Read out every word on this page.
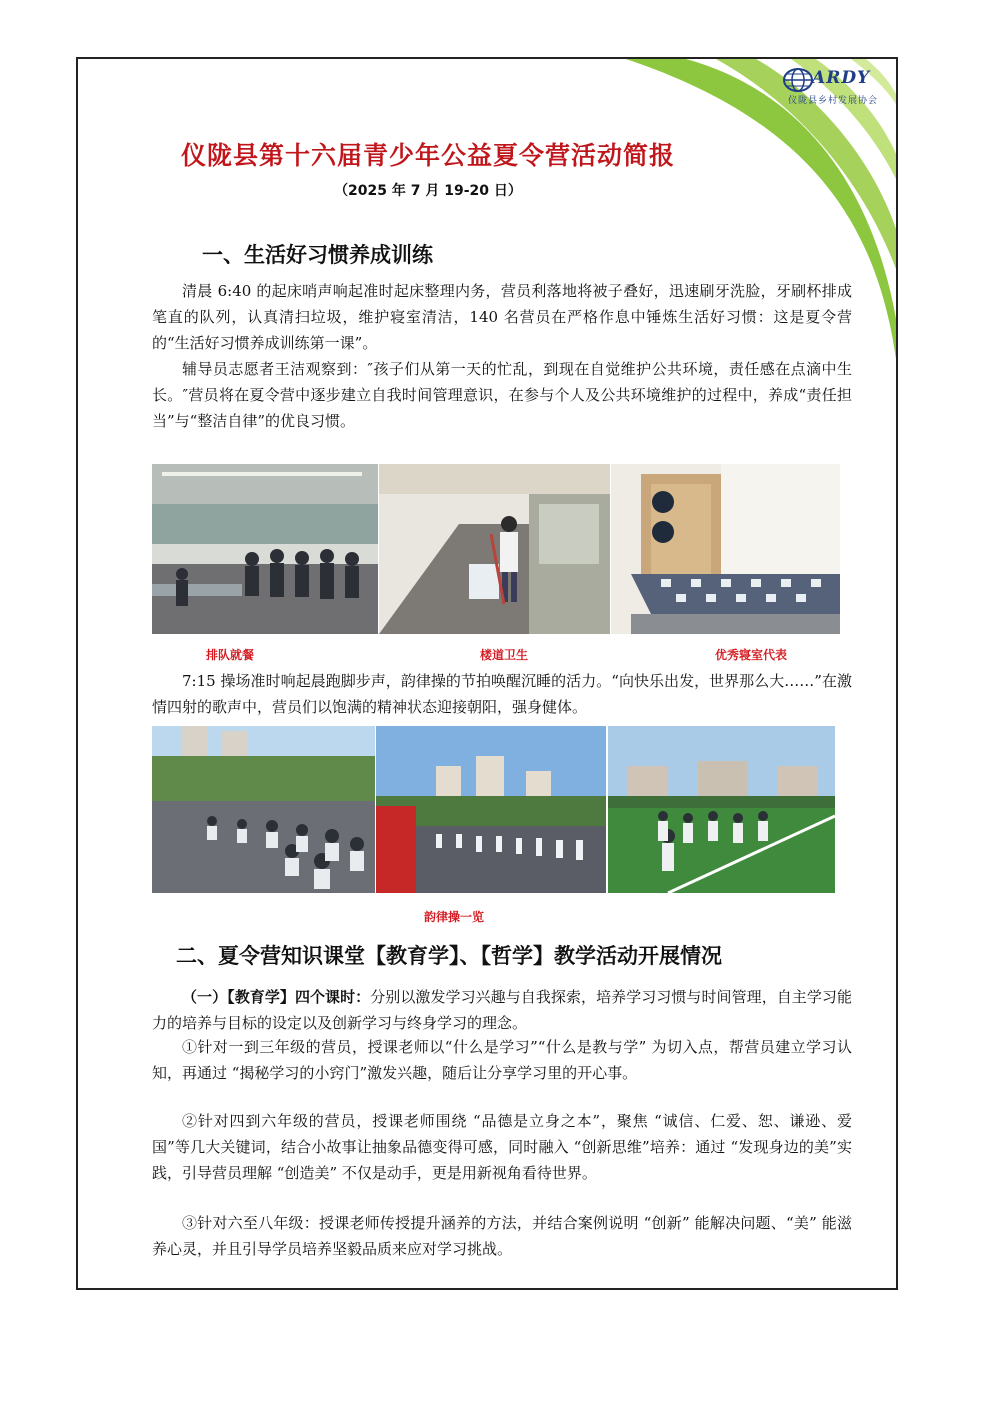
ARDY
仪陇县乡村发展协会
仪陇县第十六届青少年公益夏令营活动简报

（2025 年 7 月 19-20 日）

一、生活好习惯养成训练

清晨 6:40 的起床哨声响起准时起床整理内务，营员利落地将被子叠好，迅速刷牙洗脸，牙刷杯排成笔直的队列，认真清扫垃圾，维护寝室清洁，140 名营员在严格作息中锤炼生活好习惯：这是夏令营的“生活好习惯养成训练第一课”。

辅导员志愿者王洁观察到：″孩子们从第一天的忙乱，到现在自觉维护公共环境，责任感在点滴中生长。″营员将在夏令营中逐步建立自我时间管理意识，在参与个人及公共环境维护的过程中，养成“责任担当”与“整洁自律”的优良习惯。

排队就餐	楼道卫生	优秀寝室代表

7:15 操场准时响起晨跑脚步声，韵律操的节拍唤醒沉睡的活力。“向快乐出发，世界那么大……”在激情四射的歌声中，营员们以饱满的精神状态迎接朝阳，强身健体。

韵律操一览
二、夏令营知识课堂【教育学】、【哲学】教学活动开展情况

（一）【教育学】四个课时：分别以激发学习兴趣与自我探索，培养学习习惯与时间管理，自主学习能力的培养与目标的设定以及创新学习与终身学习的理念。

①针对一到三年级的营员，授课老师以“什么是学习”“什么是教与学” 为切入点，帮营员建立学习认知，再通过 “揭秘学习的小窍门”激发兴趣，随后让分享学习里的开心事。

②针对四到六年级的营员，授课老师围绕 “品德是立身之本”，聚焦 “诚信、仁爱、恕、谦逊、爱国”等几大关键词，结合小故事让抽象品德变得可感，同时融入 “创新思维”培养：通过 “发现身边的美”实践，引导营员理解 “创造美” 不仅是动手，更是用新视角看待世界。

③针对六至八年级：授课老师传授提升涵养的方法，并结合案例说明 “创新” 能解决问题、“美” 能滋养心灵，并且引导学员培养坚毅品质来应对学习挑战。
